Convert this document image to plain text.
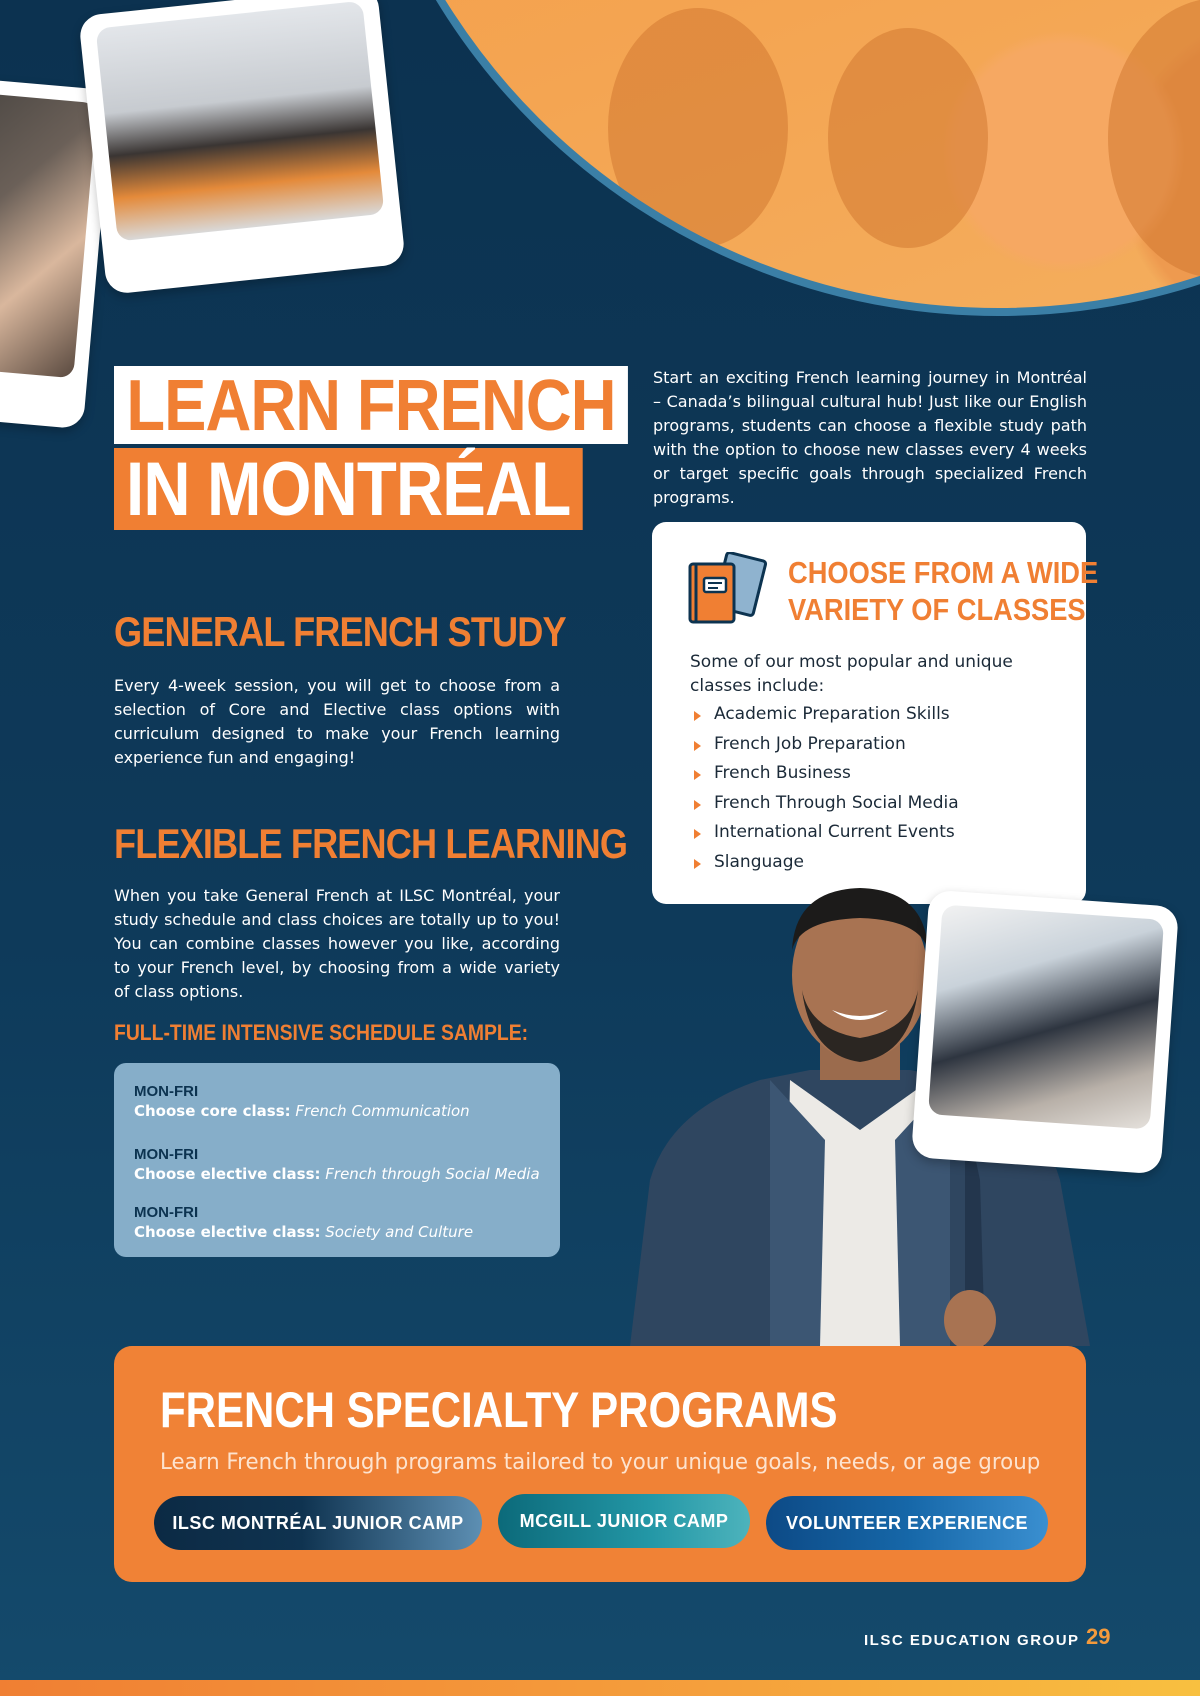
LEARN FRENCH
IN MONTRÉAL
Start an exciting French learning journey in Montréal – Canada’s bilingual cultural hub! Just like our English programs, students can choose a flexible study path with the option to choose new classes every 4 weeks or target specific goals through specialized French programs.
GENERAL FRENCH STUDY
Every 4-week session, you will get to choose from a selection of Core and Elective class options with curriculum designed to make your French learning experience fun and engaging!
FLEXIBLE FRENCH LEARNING
When you take General French at ILSC Montréal, your study schedule and class choices are totally up to you! You can combine classes however you like, according to your French level, by choosing from a wide variety of class options.
FULL-TIME INTENSIVE SCHEDULE SAMPLE:
MON-FRI
Choose core class: French Communication
MON-FRI
Choose elective class: French through Social Media
MON-FRI
Choose elective class: Society and Culture
CHOOSE FROM A WIDE
VARIETY OF CLASSES
Some of our most popular and unique classes include:
Academic Preparation Skills
French Job Preparation
French Business
French Through Social Media
International Current Events
Slanguage
FRENCH SPECIALTY PROGRAMS
Learn French through programs tailored to your unique goals, needs, or age group
ILSC MONTRÉAL JUNIOR CAMP	MCGILL JUNIOR CAMP	VOLUNTEER EXPERIENCE
ILSC EDUCATION GROUP 29
